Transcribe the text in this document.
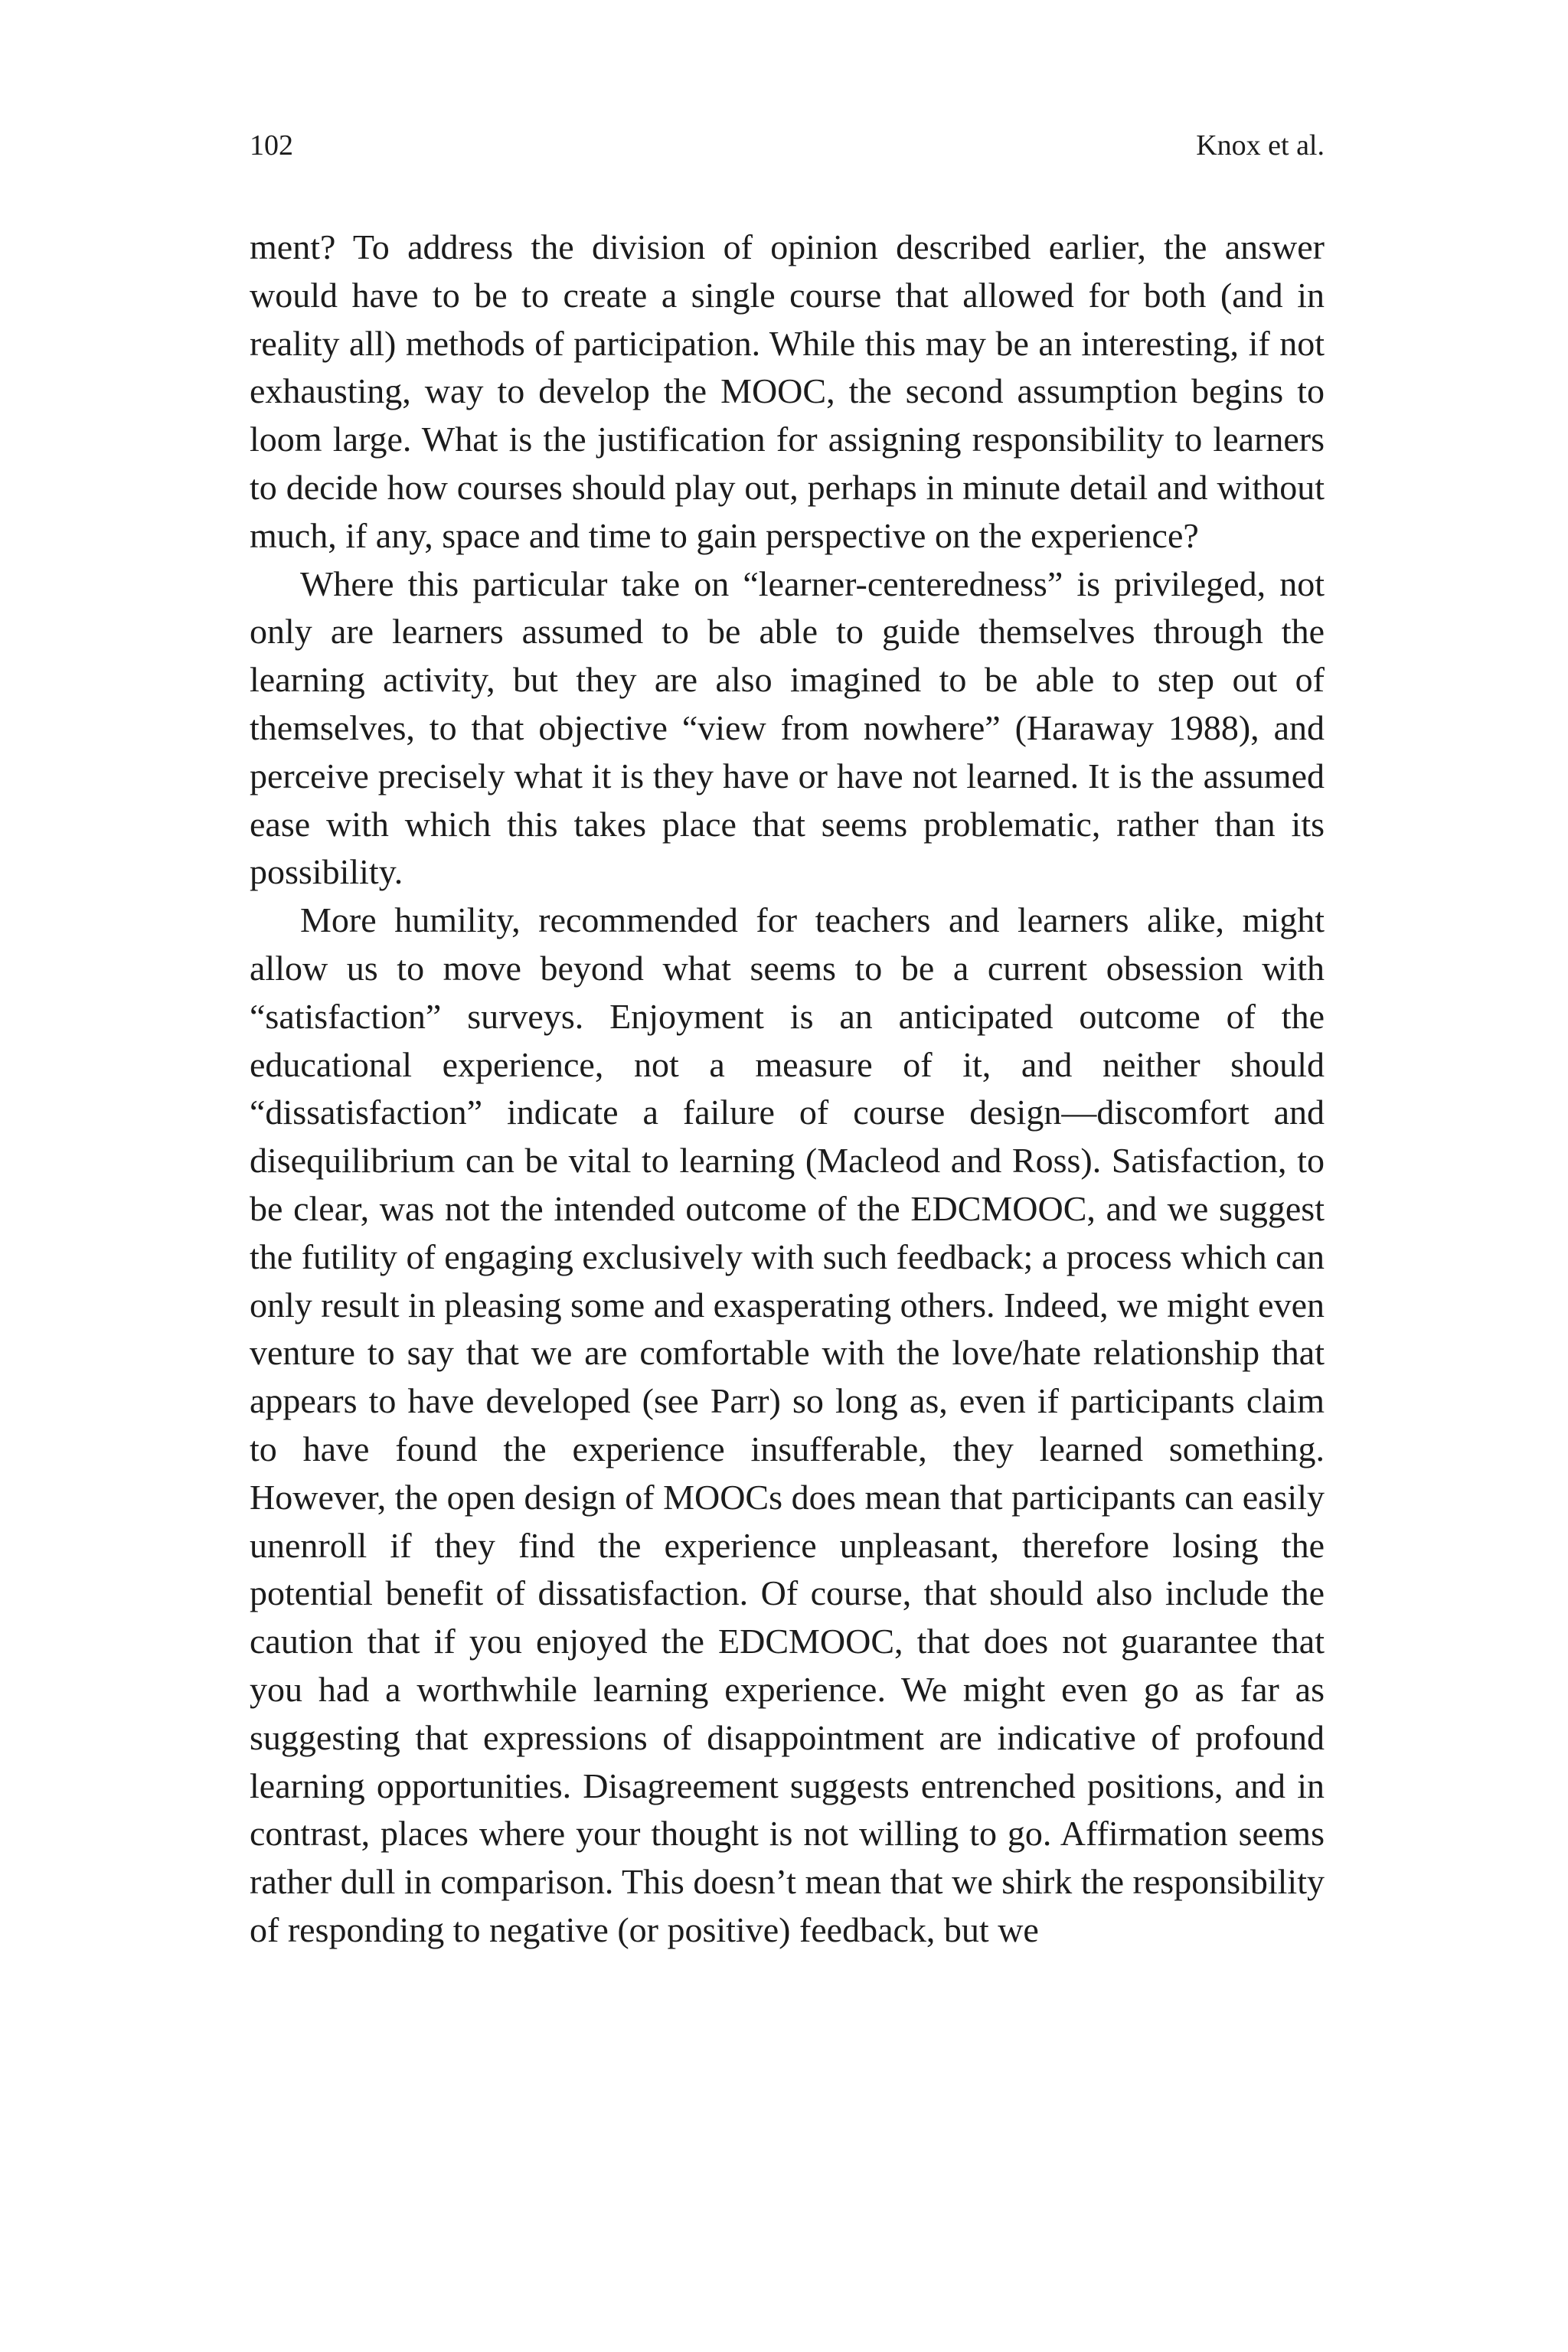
102	Knox et al.

ment? To address the division of opinion described earlier, the answer would have to be to create a single course that allowed for both (and in reality all) methods of participation. While this may be an interesting, if not exhausting, way to develop the MOOC, the second assumption begins to loom large. What is the justification for assigning responsibility to learners to decide how courses should play out, perhaps in minute detail and without much, if any, space and time to gain perspective on the experience?

Where this particular take on “learner-centeredness” is privileged, not only are learners assumed to be able to guide themselves through the learning activity, but they are also imagined to be able to step out of themselves, to that objective “view from nowhere” (Haraway 1988), and perceive precisely what it is they have or have not learned. It is the assumed ease with which this takes place that seems problematic, rather than its possibility.

More humility, recommended for teachers and learners alike, might allow us to move beyond what seems to be a current obsession with “satisfaction” surveys. Enjoyment is an anticipated outcome of the educational experience, not a measure of it, and neither should “dissatisfaction” indicate a failure of course design—discomfort and disequilibrium can be vital to learning (Macleod and Ross). Satisfaction, to be clear, was not the intended outcome of the EDCMOOC, and we suggest the futility of engaging exclusively with such feedback; a process which can only result in pleasing some and exasperating others. Indeed, we might even venture to say that we are comfortable with the love/hate relationship that appears to have developed (see Parr) so long as, even if participants claim to have found the experience insufferable, they learned something. However, the open design of MOOCs does mean that participants can easily unenroll if they find the experience unpleasant, therefore losing the potential benefit of dissatisfaction. Of course, that should also include the caution that if you enjoyed the EDCMOOC, that does not guarantee that you had a worthwhile learning experience. We might even go as far as suggesting that expressions of disappointment are indicative of profound learning opportunities. Disagreement suggests entrenched positions, and in contrast, places where your thought is not willing to go. Affirmation seems rather dull in comparison. This doesn’t mean that we shirk the responsibility of responding to negative (or positive) feedback, but we
